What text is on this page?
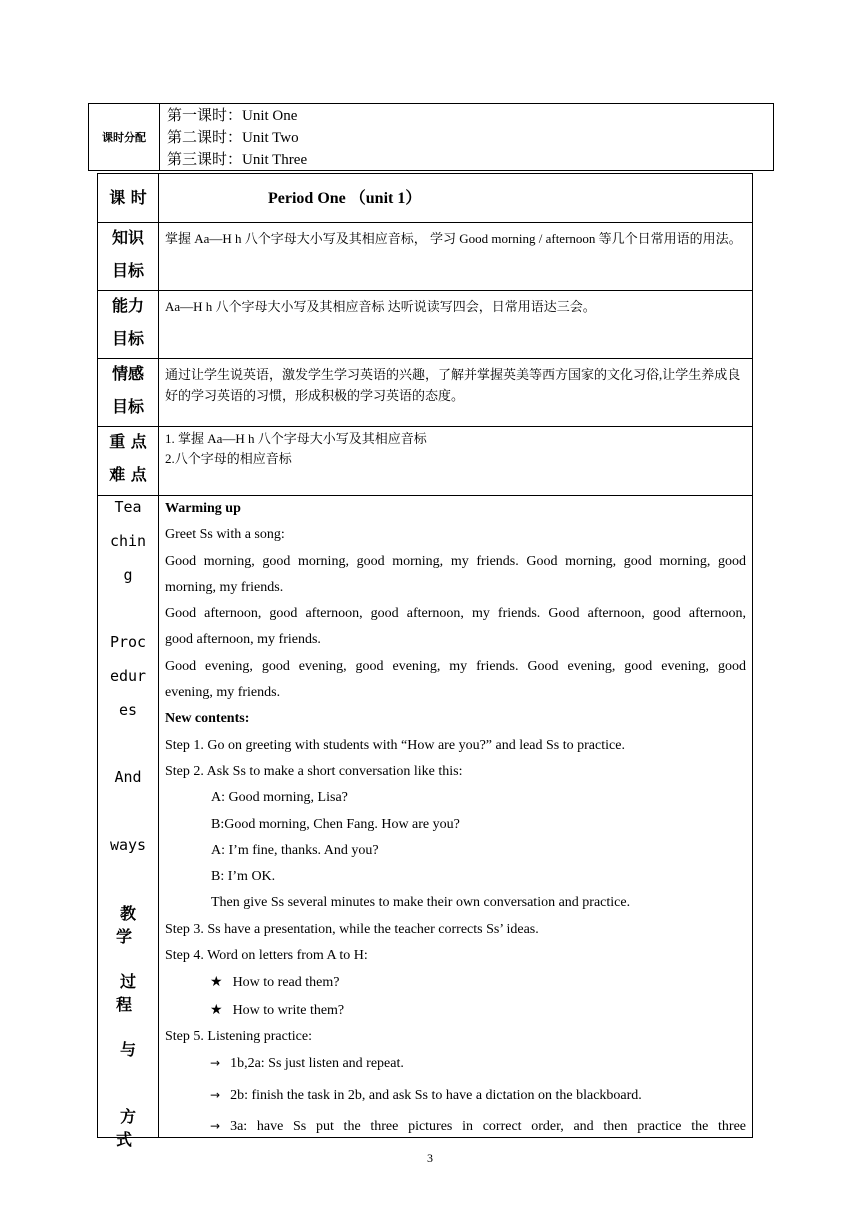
课时分配
第一课时：Unit One
第二课时：Unit Two
第三课时：Unit Three
课 时	Period One （unit 1）
知识
目标
掌握 Aa—H h 八个字母大小写及其相应音标， 学习 Good morning / afternoon 等几个日常用语的用法。
能力
目标
Aa—H h 八个字母大小写及其相应音标 达听说读写四会，日常用语达三会。
情感
目标
通过让学生说英语，激发学生学习英语的兴趣，了解并掌握英美等西方国家的文化习俗,让学生养成良好的学习英语的习惯，形成积极的学习英语的态度。
重 点
难 点
1. 掌握 Aa—H h 八个字母大小写及其相应音标
2.八个字母的相应音标
Tea
chin
g
Proc
edur
es
And
ways
教 学
过 程
与
方 式
Warming up
Greet Ss with a song:
Good morning, good morning, good morning, my friends. Good morning, good morning, good
morning, my friends.
Good afternoon, good afternoon, good afternoon, my friends. Good afternoon, good afternoon,
good afternoon, my friends.
Good evening, good evening, good evening, my friends. Good evening, good evening, good
evening, my friends.
New contents:
Step 1. Go on greeting with students with “How are you?” and lead Ss to practice.
Step 2. Ask Ss to make a short conversation like this:
A: Good morning, Lisa?
B:Good morning, Chen Fang. How are you?
A: I’m fine, thanks. And you?
B: I’m OK.
Then give Ss several minutes to make their own conversation and practice.
Step 3. Ss have a presentation, while the teacher corrects Ss’ ideas.
Step 4. Word on letters from A to H:
★ How to read them?
★ How to write them?
Step 5. Listening practice:
→ 1b,2a: Ss just listen and repeat.
→ 2b: finish the task in 2b, and ask Ss to have a dictation on the blackboard.
→ 3a: have Ss put the three pictures in correct order, and then practice the three
3
